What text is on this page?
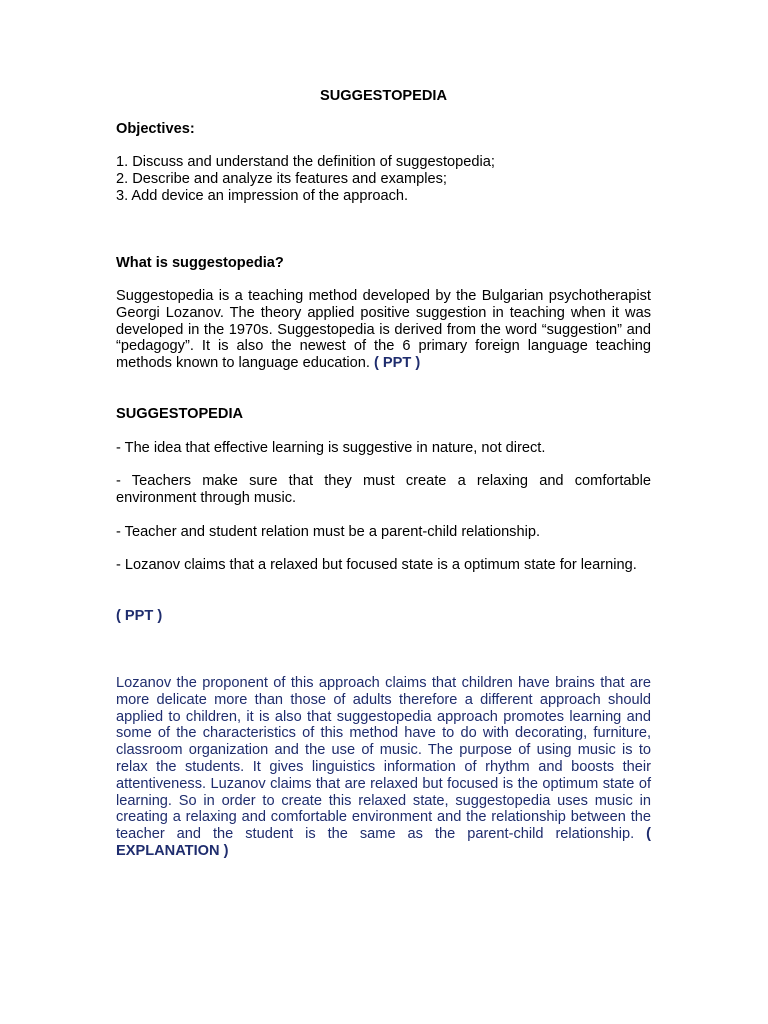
SUGGESTOPEDIA
Objectives:
1. Discuss and understand the definition of suggestopedia;
2. Describe and analyze its features and examples;
3. Add device an impression of the approach.
What is suggestopedia?
Suggestopedia is a teaching method developed by the Bulgarian psychotherapist Georgi Lozanov. The theory applied positive suggestion in teaching when it was developed in the 1970s. Suggestopedia is derived from the word “suggestion” and “pedagogy”. It is also the newest of the 6 primary foreign language teaching methods known to language education. ( PPT )
SUGGESTOPEDIA
- The idea that effective learning is suggestive in nature, not direct.
- Teachers make sure that they must create a relaxing and comfortable environment through music.
- Teacher and student relation must be a parent-child relationship.
- Lozanov claims that a relaxed but focused state is a optimum state for learning.
( PPT )
Lozanov the proponent of this approach claims that children have brains that are more delicate more than those of adults therefore a different approach should applied to children, it is also that suggestopedia approach promotes learning and some of the characteristics of this method have to do with decorating, furniture, classroom organization and the use of music. The purpose of using music is to relax the students. It gives linguistics information of rhythm and boosts their attentiveness. Luzanov claims that are relaxed but focused is the optimum state of learning. So in order to create this relaxed state, suggestopedia uses music in creating a relaxing and comfortable environment and the relationship between the teacher and the student is the same as the parent-child relationship. ( EXPLANATION )
